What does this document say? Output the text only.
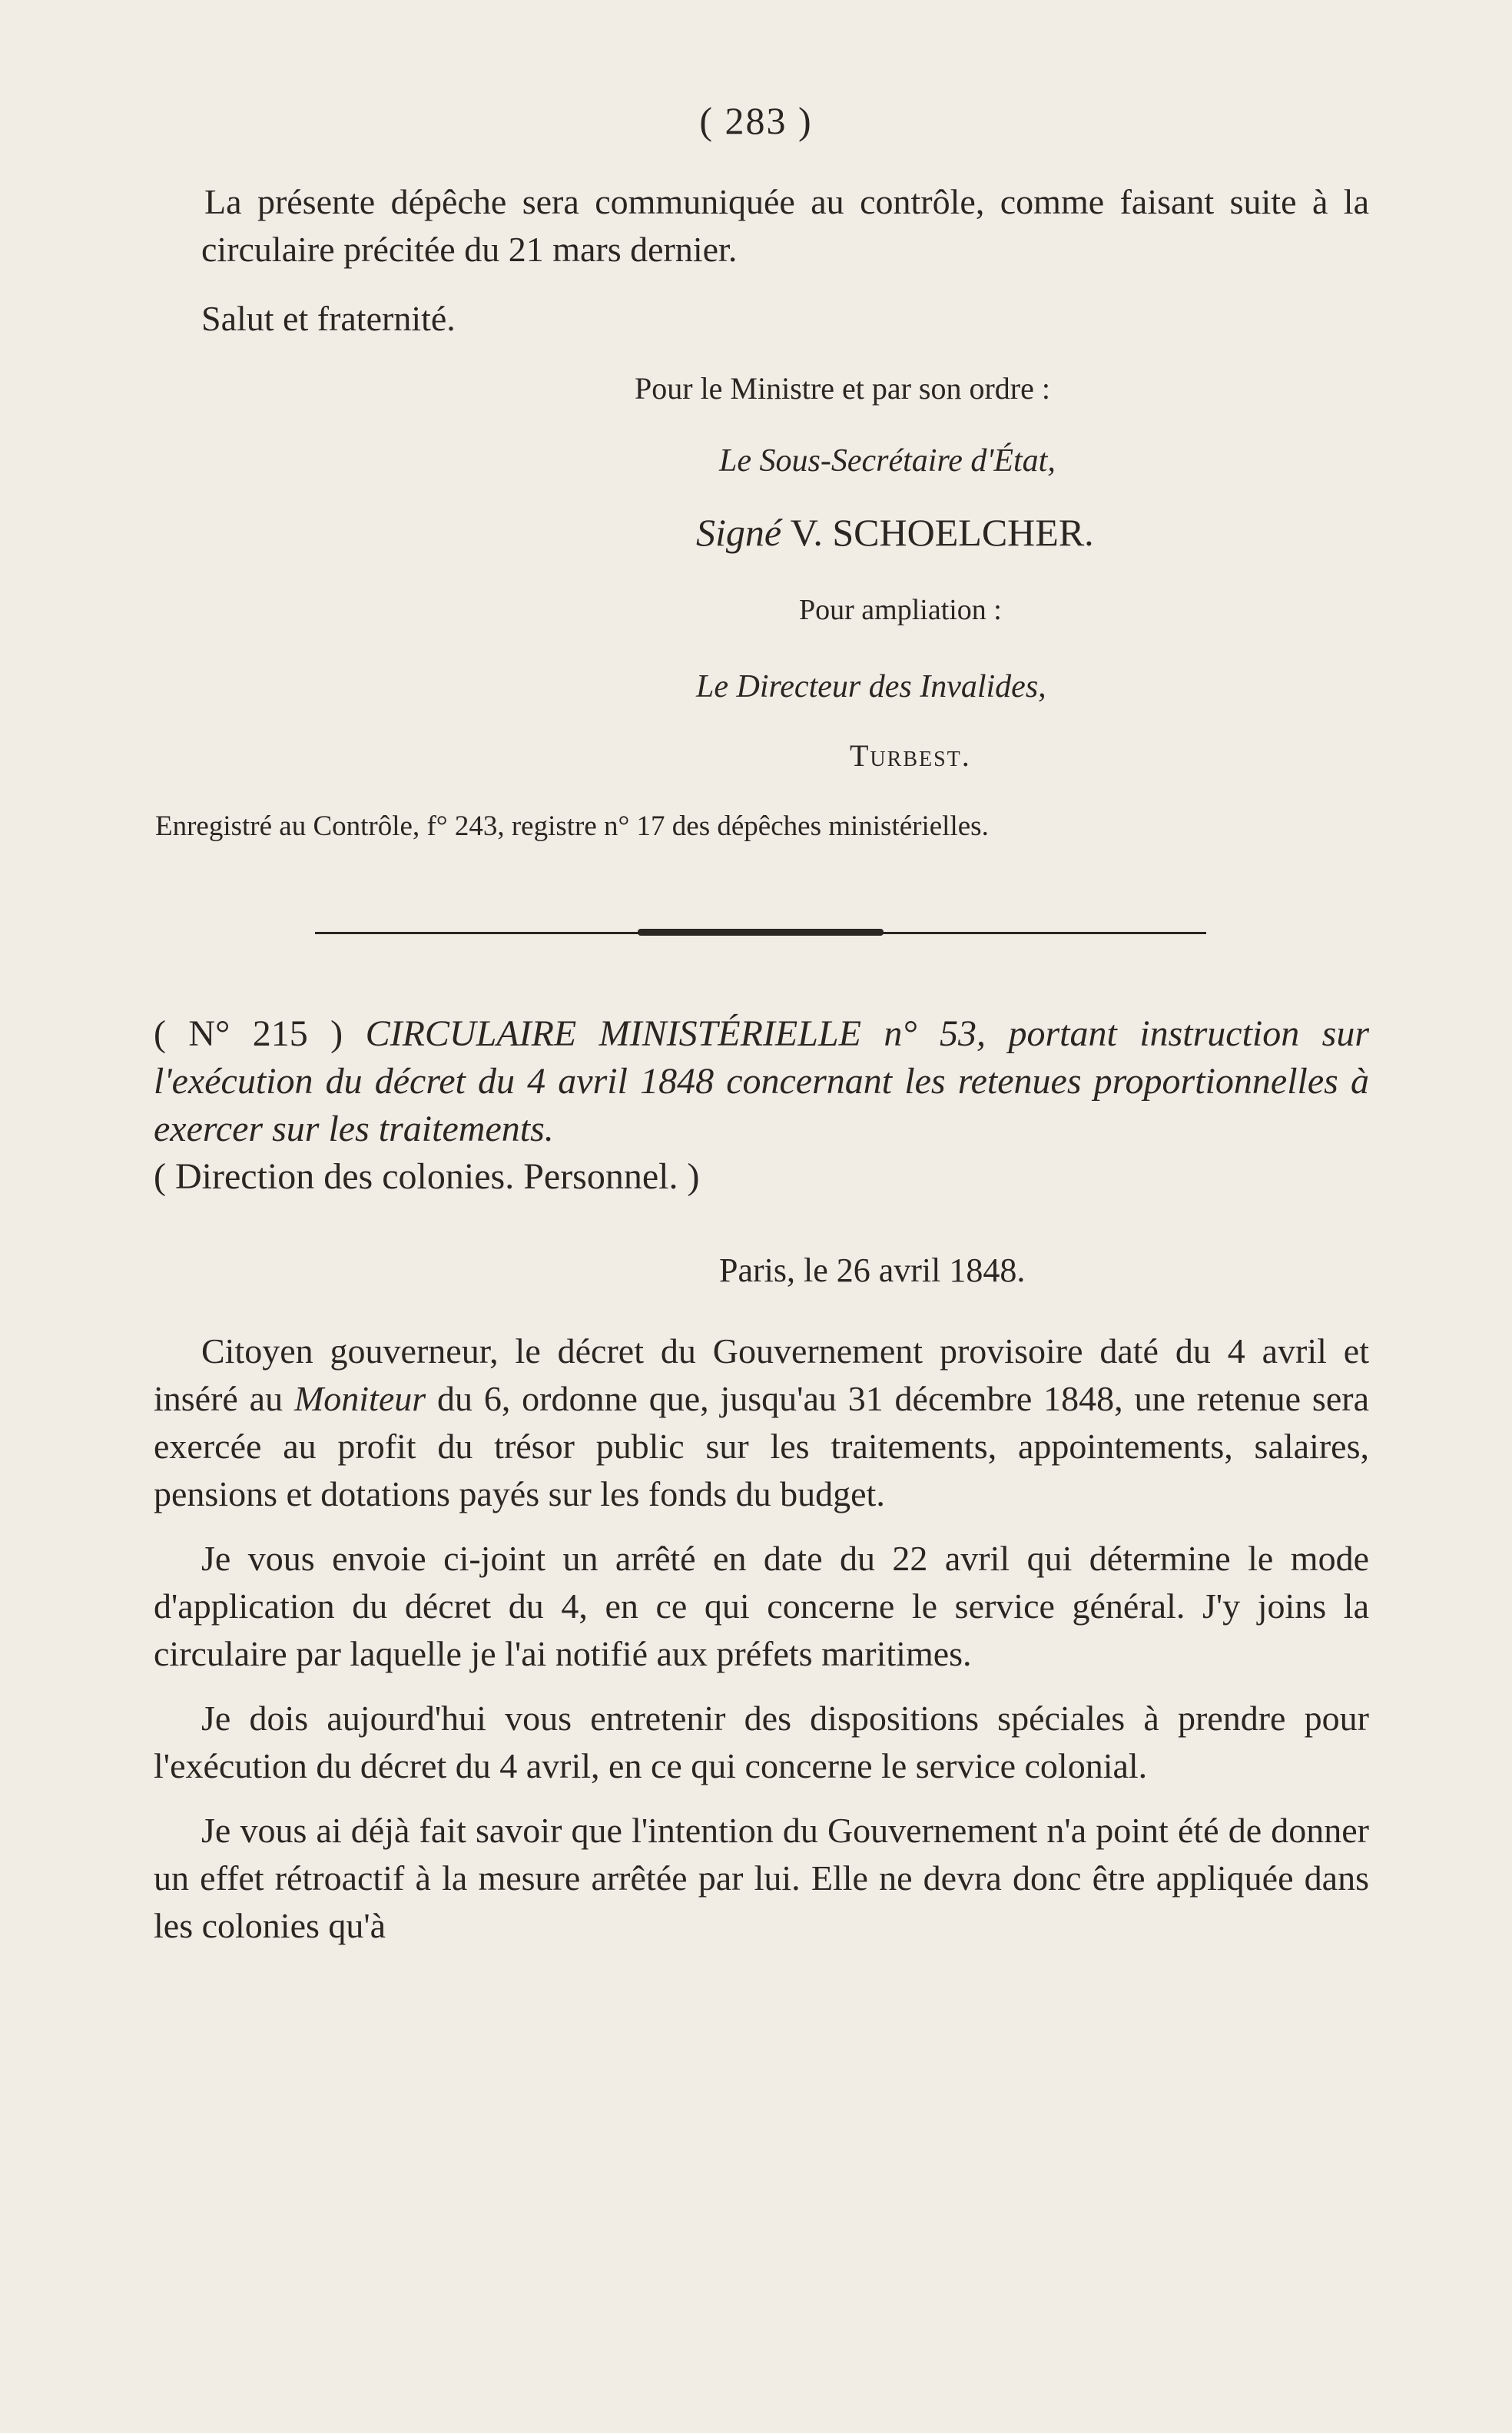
( 283 )

La présente dépêche sera communiquée au contrôle, comme faisant suite à la circulaire précitée du 21 mars dernier.

Salut et fraternité.
Pour le Ministre et par son ordre :
Le Sous-Secrétaire d'État,
Signé V. SCHOELCHER.
Pour ampliation :
Le Directeur des Invalides,
Turbest.
Enregistré au Contrôle, f° 243, registre n° 17 des dépêches ministérielles.

( N° 215 ) CIRCULAIRE MINISTÉRIELLE n° 53, portant instruction sur l'exécution du décret du 4 avril 1848 concernant les retenues proportionnelles à exercer sur les traitements.

( Direction des colonies. Personnel. )

Paris, le 26 avril 1848.

Citoyen gouverneur, le décret du Gouvernement provisoire daté du 4 avril et inséré au Moniteur du 6, ordonne que, jusqu'au 31 décembre 1848, une retenue sera exercée au profit du trésor public sur les traitements, appointements, salaires, pensions et dotations payés sur les fonds du budget.

Je vous envoie ci-joint un arrêté en date du 22 avril qui détermine le mode d'application du décret du 4, en ce qui concerne le service général. J'y joins la circulaire par laquelle je l'ai notifié aux préfets maritimes.

Je dois aujourd'hui vous entretenir des dispositions spéciales à prendre pour l'exécution du décret du 4 avril, en ce qui concerne le service colonial.

Je vous ai déjà fait savoir que l'intention du Gouvernement n'a point été de donner un effet rétroactif à la mesure arrêtée par lui. Elle ne devra donc être appliquée dans les colonies qu'à
